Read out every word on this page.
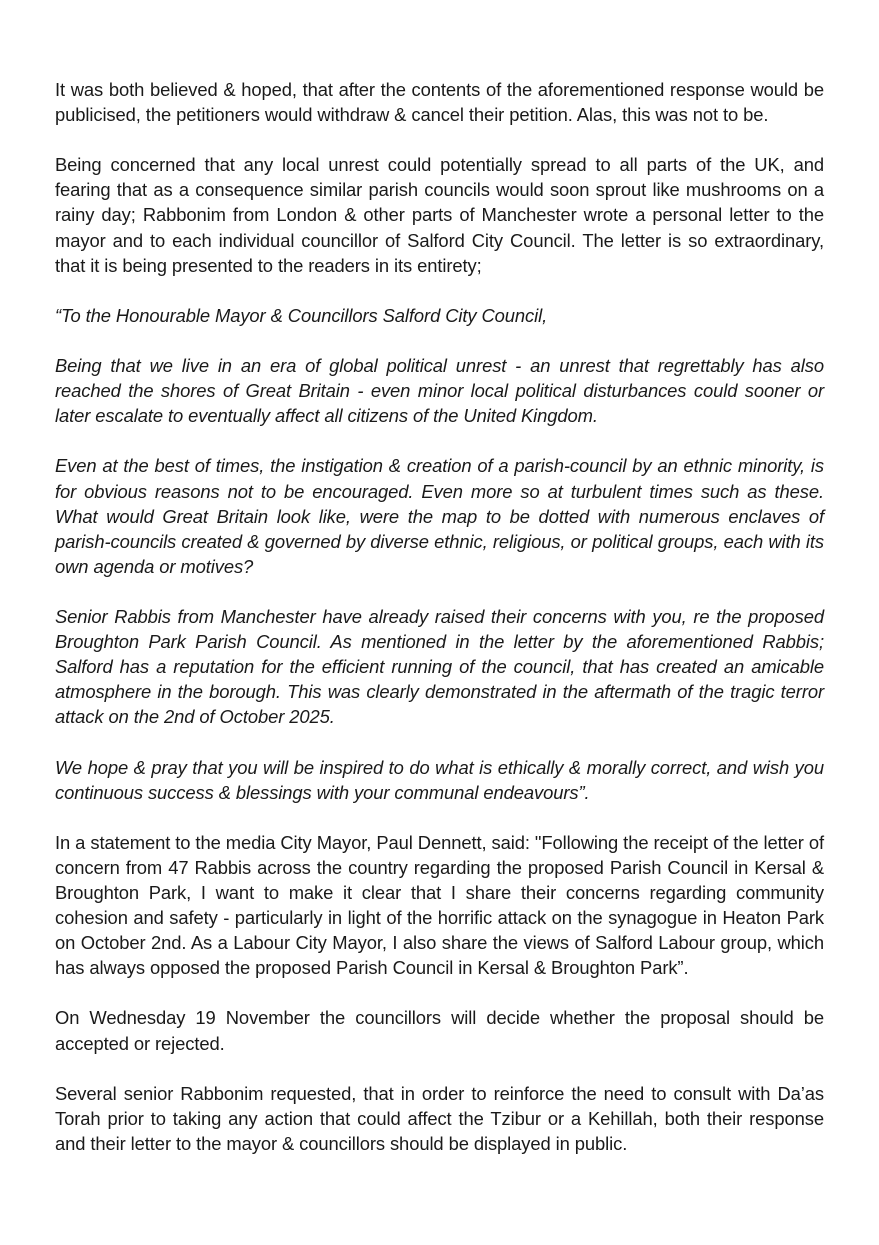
It was both believed & hoped, that after the contents of the aforementioned response would be publicised, the petitioners would withdraw & cancel their petition. Alas, this was not to be.

Being concerned that any local unrest could potentially spread to all parts of the UK, and fearing that as a consequence similar parish councils would soon sprout like mushrooms on a rainy day; Rabbonim from London & other parts of Manchester wrote a personal letter to the mayor and to each individual councillor of Salford City Council. The letter is so extraordinary, that it is being presented to the readers in its entirety;

“To the Honourable Mayor & Councillors Salford City Council,

Being that we live in an era of global political unrest - an unrest that regrettably has also reached the shores of Great Britain - even minor local political disturbances could sooner or later escalate to eventually affect all citizens of the United Kingdom.

Even at the best of times, the instigation & creation of a parish-council by an ethnic minority, is for obvious reasons not to be encouraged. Even more so at turbulent times such as these. What would Great Britain look like, were the map to be dotted with numerous enclaves of parish-councils created & governed by diverse ethnic, religious, or political groups, each with its own agenda or motives?

Senior Rabbis from Manchester have already raised their concerns with you, re the proposed Broughton Park Parish Council. As mentioned in the letter by the aforementioned Rabbis; Salford has a reputation for the efficient running of the council, that has created an amicable atmosphere in the borough. This was clearly demonstrated in the aftermath of the tragic terror attack on the 2nd of October 2025.

We hope & pray that you will be inspired to do what is ethically & morally correct, and wish you continuous success & blessings with your communal endeavours”.

In a statement to the media City Mayor, Paul Dennett, said: "Following the receipt of the letter of concern from 47 Rabbis across the country regarding the proposed Parish Council in Kersal & Broughton Park, I want to make it clear that I share their concerns regarding community cohesion and safety - particularly in light of the horrific attack on the synagogue in Heaton Park on October 2nd. As a Labour City Mayor, I also share the views of Salford Labour group, which has always opposed the proposed Parish Council in Kersal & Broughton Park”.

On Wednesday 19 November the councillors will decide whether the proposal should be accepted or rejected.

Several senior Rabbonim requested, that in order to reinforce the need to consult with Da’as Torah prior to taking any action that could affect the Tzibur or a Kehillah, both their response and their letter to the mayor & councillors should be displayed in public.
